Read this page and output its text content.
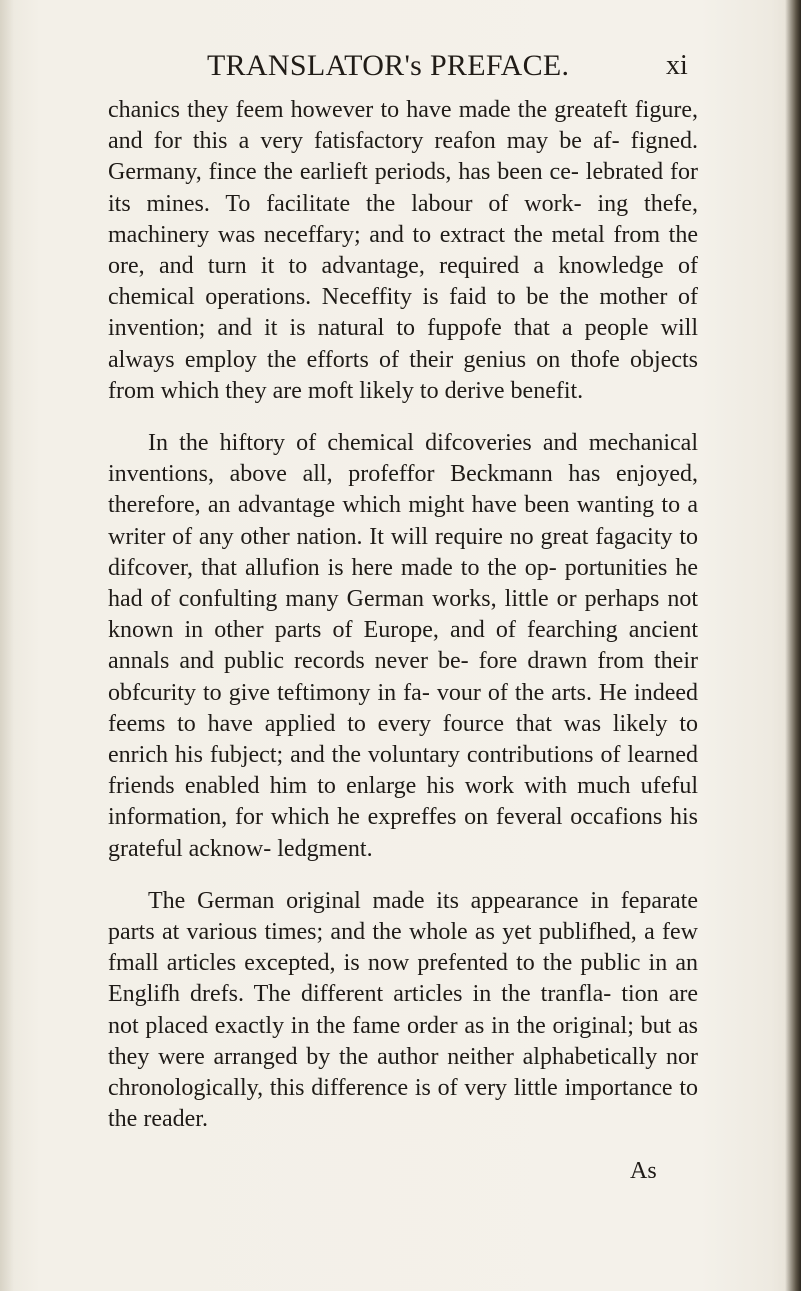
TRANSLATOR's PREFACE.	xi

chanics they feem however to have made the greateft figure, and for this a very fatisfactory reafon may be af- figned. Germany, fince the earlieft periods, has been ce- lebrated for its mines. To facilitate the labour of work- ing thefe, machinery was neceffary; and to extract the metal from the ore, and turn it to advantage, required a knowledge of chemical operations. Neceffity is faid to be the mother of invention; and it is natural to fuppofe that a people will always employ the efforts of their genius on thofe objects from which they are moft likely to derive benefit.

In the hiftory of chemical difcoveries and mechanical inventions, above all, profeffor Beckmann has enjoyed, therefore, an advantage which might have been wanting to a writer of any other nation. It will require no great fagacity to difcover, that allufion is here made to the op- portunities he had of confulting many German works, little or perhaps not known in other parts of Europe, and of fearching ancient annals and public records never be- fore drawn from their obfcurity to give teftimony in fa- vour of the arts. He indeed feems to have applied to every fource that was likely to enrich his fubject; and the voluntary contributions of learned friends enabled him to enlarge his work with much ufeful information, for which he expreffes on feveral occafions his grateful acknow- ledgment.

The German original made its appearance in feparate parts at various times; and the whole as yet publifhed, a few fmall articles excepted, is now prefented to the public in an Englifh drefs. The different articles in the tranfla- tion are not placed exactly in the fame order as in the original; but as they were arranged by the author neither alphabetically nor chronologically, this difference is of very little importance to the reader.

As
